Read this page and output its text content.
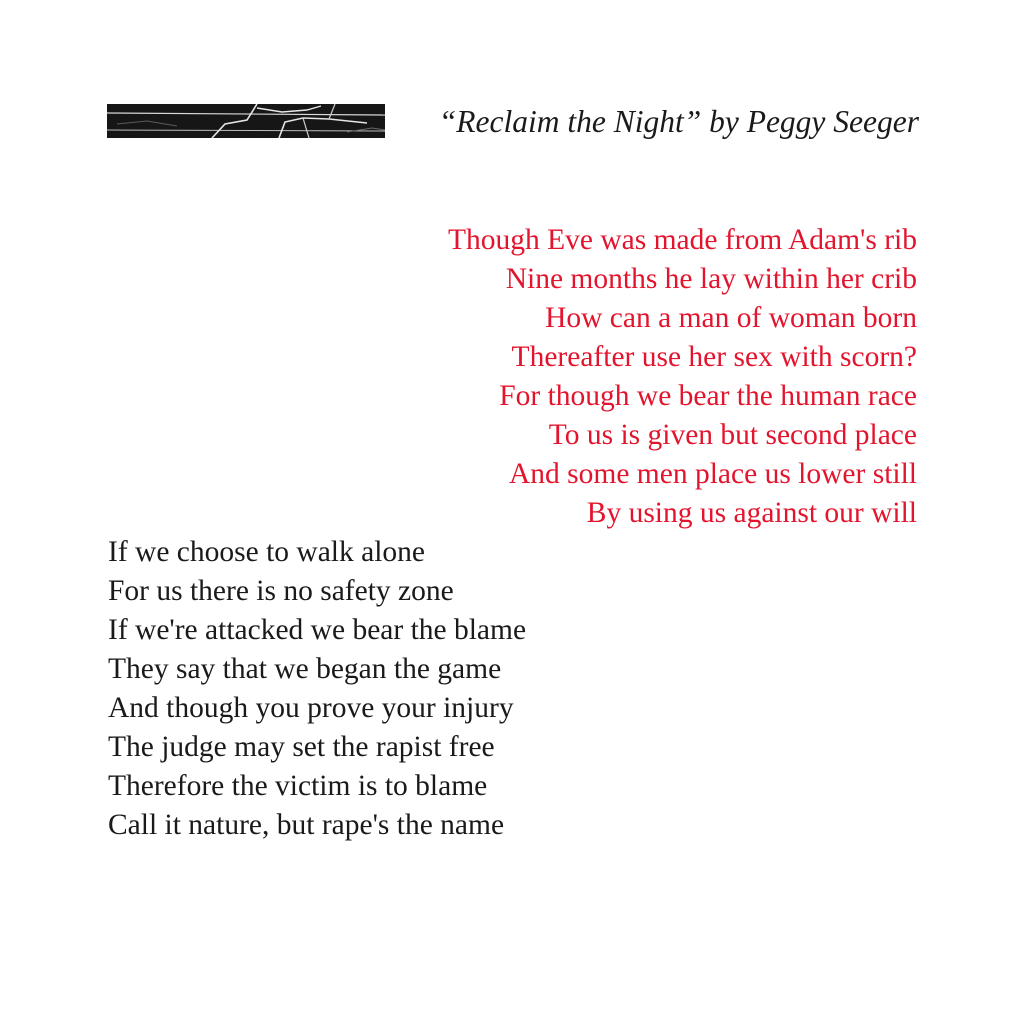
“Reclaim the Night” by Peggy Seeger
Though Eve was made from Adam's rib
Nine months he lay within her crib
How can a man of woman born
Thereafter use her sex with scorn?
For though we bear the human race
To us is given but second place
And some men place us lower still
By using us against our will
If we choose to walk alone
For us there is no safety zone
If we're attacked we bear the blame
They say that we began the game
And though you prove your injury
The judge may set the rapist free
Therefore the victim is to blame
Call it nature, but rape's the name
